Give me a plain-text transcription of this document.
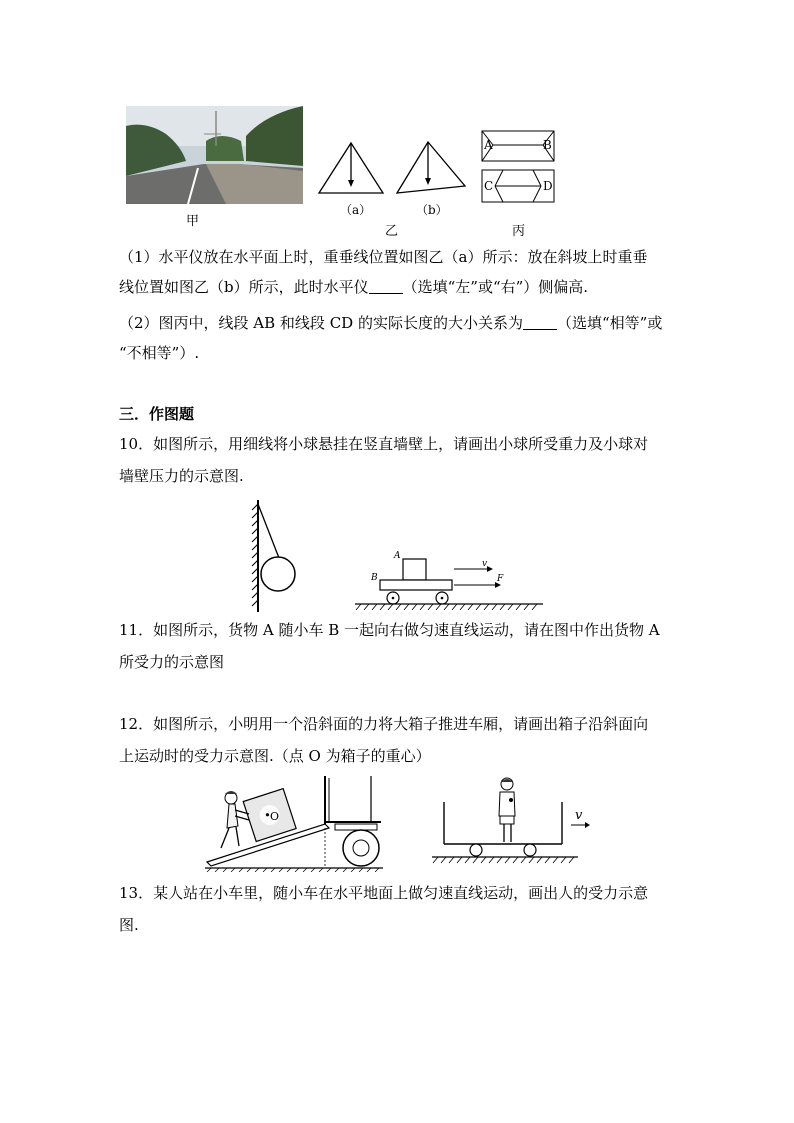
甲
（a）	（b）
乙
A	B
C	D
丙
（1）水平仪放在水平面上时，重垂线位置如图乙（a）所示：放在斜坡上时重垂
线位置如图乙（b）所示，此时水平仪 （选填“左”或“右”）侧偏高.
（2）图丙中，线段 AB 和线段 CD 的实际长度的大小关系为 （选填“相等”或
“不相等”）.
三．作图题
10．如图所示，用细线将小球悬挂在竖直墙壁上，请画出小球所受重力及小球对
墙壁压力的示意图.
A
B
v
F
11．如图所示，货物 A 随小车 B 一起向右做匀速直线运动，请在图中作出货物 A
所受力的示意图
12．如图所示，小明用一个沿斜面的力将大箱子推进车厢，请画出箱子沿斜面向
上运动时的受力示意图.（点 O 为箱子的重心）
O	v
13．某人站在小车里，随小车在水平地面上做匀速直线运动，画出人的受力示意
图.
